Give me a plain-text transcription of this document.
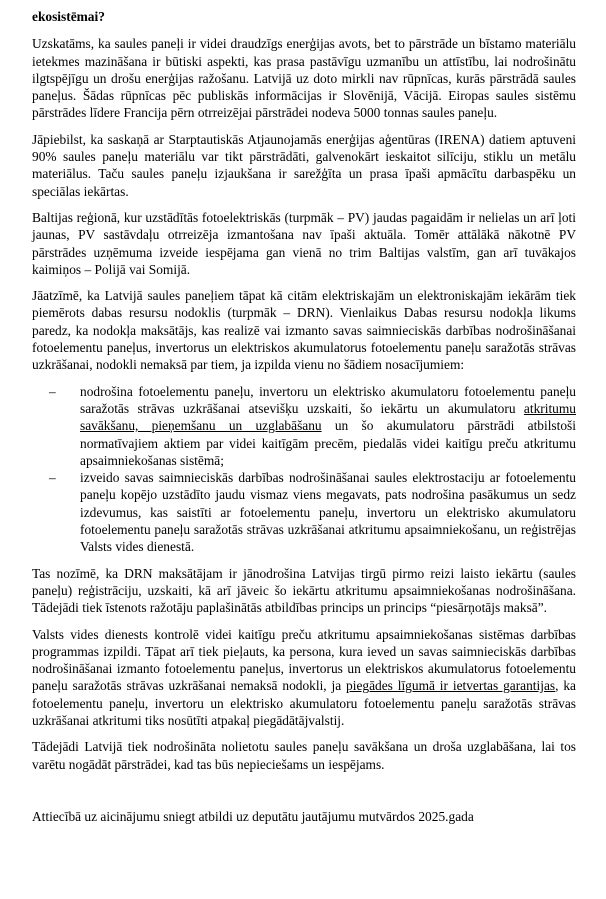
ekosistēmai?

Uzskatāms, ka saules paneļi ir videi draudzīgs enerģijas avots, bet to pārstrāde un bīstamo materiālu ietekmes mazināšana ir būtiski aspekti, kas prasa pastāvīgu uzmanību un attīstību, lai nodrošinātu ilgtspējīgu un drošu enerģijas ražošanu. Latvijā uz doto mirkli nav rūpnīcas, kurās pārstrādā saules paneļus. Šādas rūpnīcas pēc publiskās informācijas ir Slovēnijā, Vācijā. Eiropas saules sistēmu pārstrādes līdere Francija pērn otrreizējai pārstrādei nodeva 5000 tonnas saules paneļu.

Jāpiebilst, ka saskaņā ar Starptautiskās Atjaunojamās enerģijas aģentūras (IRENA) datiem aptuveni 90% saules paneļu materiālu var tikt pārstrādāti, galvenokārt ieskaitot silīciju, stiklu un metālu materiālus. Taču saules paneļu izjaukšana ir sarežģīta un prasa īpaši apmācītu darbaspēku un speciālas iekārtas.

Baltijas reģionā, kur uzstādītās fotoelektriskās (turpmāk – PV) jaudas pagaidām ir nelielas un arī ļoti jaunas, PV sastāvdaļu otrreizēja izmantošana nav īpaši aktuāla. Tomēr attālākā nākotnē PV pārstrādes uzņēmuma izveide iespējama gan vienā no trim Baltijas valstīm, gan arī tuvākajos kaimiņos – Polijā vai Somijā.

Jāatzīmē, ka Latvijā saules paneļiem tāpat kā citām elektriskajām un elektroniskajām iekārām tiek piemērots dabas resursu nodoklis (turpmāk – DRN). Vienlaikus Dabas resursu nodokļa likums paredz, ka nodokļa maksātājs, kas realizē vai izmanto savas saimnieciskās darbības nodrošināšanai fotoelementu paneļus, invertorus un elektriskos akumulatorus fotoelementu paneļu saražotās strāvas uzkrāšanai, nodokli nemaksā par tiem, ja izpilda vienu no šādiem nosacījumiem:

– nodrošina fotoelementu paneļu, invertoru un elektrisko akumulatoru fotoelementu paneļu saražotās strāvas uzkrāšanai atsevišķu uzskaiti, šo iekārtu un akumulatoru atkritumu savākšanu, pieņemšanu un uzglabāšanu un šo akumulatoru pārstrādi atbilstoši normatīvajiem aktiem par videi kaitīgām precēm, piedalās videi kaitīgu preču atkritumu apsaimniekošanas sistēmā;
– izveido savas saimnieciskās darbības nodrošināšanai saules elektrostaciju ar fotoelementu paneļu kopējo uzstādīto jaudu vismaz viens megavats, pats nodrošina pasākumus un sedz izdevumus, kas saistīti ar fotoelementu paneļu, invertoru un elektrisko akumulatoru fotoelementu paneļu saražotās strāvas uzkrāšanai atkritumu apsaimniekošanu, un reģistrējas Valsts vides dienestā.

Tas nozīmē, ka DRN maksātājam ir jānodrošina Latvijas tirgū pirmo reizi laisto iekārtu (saules paneļu) reģistrāciju, uzskaiti, kā arī jāveic šo iekārtu atkritumu apsaimniekošanas nodrošināšana. Tādejādi tiek īstenots ražotāju paplašinātās atbildības princips un princips “piesārņotājs maksā”.

Valsts vides dienests kontrolē videi kaitīgu preču atkritumu apsaimniekošanas sistēmas darbības programmas izpildi. Tāpat arī tiek pieļauts, ka persona, kura ieved un savas saimnieciskās darbības nodrošināšanai izmanto fotoelementu paneļus, invertorus un elektriskos akumulatorus fotoelementu paneļu saražotās strāvas uzkrāšanai nemaksā nodokli, ja piegādes līgumā ir ietvertas garantijas, ka fotoelementu paneļu, invertoru un elektrisko akumulatoru fotoelementu paneļu saražotās strāvas uzkrāšanai atkritumi tiks nosūtīti atpakaļ piegādātājvalstij.

Tādejādi Latvijā tiek nodrošināta nolietotu saules paneļu savākšana un droša uzglabāšana, lai tos varētu nogādāt pārstrādei, kad tas būs nepieciešams un iespējams.

Attiecībā uz aicinājumu sniegt atbildi uz deputātu jautājumu mutvārdos 2025.gada
